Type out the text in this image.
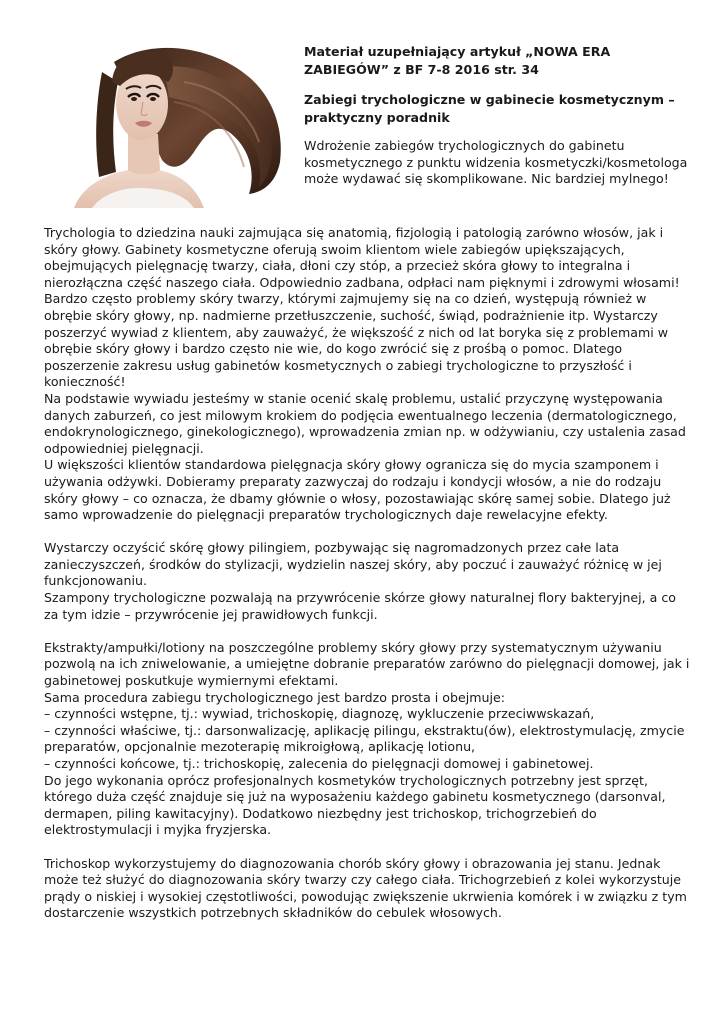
Materiał uzupełniający artykuł „NOWA ERA ZABIEGÓW” z BF 7-8 2016 str. 34

Zabiegi trychologiczne w gabinecie kosmetycznym – praktyczny poradnik

Wdrożenie zabiegów trychologicznych do gabinetu kosmetycznego z punktu widzenia kosmetyczki/kosmetologa może wydawać się skomplikowane. Nic bardziej mylnego!

Trychologia to dziedzina nauki zajmująca się anatomią, fizjologią i patologią zarówno włosów, jak i skóry głowy. Gabinety kosmetyczne oferują swoim klientom wiele zabiegów upiększających, obejmujących pielęgnację twarzy, ciała, dłoni czy stóp, a przecież skóra głowy to integralna i nierozłączna część naszego ciała. Odpowiednio zadbana, odpłaci nam pięknymi i zdrowymi włosami!

Bardzo często problemy skóry twarzy, którymi zajmujemy się na co dzień, występują również w obrębie skóry głowy, np. nadmierne przetłuszczenie, suchość, świąd, podrażnienie itp. Wystarczy poszerzyć wywiad z klientem, aby zauważyć, że większość z nich od lat boryka się z problemami w obrębie skóry głowy i bardzo często nie wie, do kogo zwrócić się z prośbą o pomoc. Dlatego poszerzenie zakresu usług gabinetów kosmetycznych o zabiegi trychologiczne to przyszłość i konieczność!

Na podstawie wywiadu jesteśmy w stanie ocenić skalę problemu, ustalić przyczynę występowania danych zaburzeń, co jest milowym krokiem do podjęcia ewentualnego leczenia (dermatologicznego, endokrynologicznego, ginekologicznego), wprowadzenia zmian np. w odżywianiu, czy ustalenia zasad odpowiedniej pielęgnacji.

U większości klientów standardowa pielęgnacja skóry głowy ogranicza się do mycia szamponem i używania odżywki. Dobieramy preparaty zazwyczaj do rodzaju i kondycji włosów, a nie do rodzaju skóry głowy – co oznacza, że dbamy głównie o włosy, pozostawiając skórę samej sobie. Dlatego już samo wprowadzenie do pielęgnacji preparatów trychologicznych daje rewelacyjne efekty.

Wystarczy oczyścić skórę głowy pilingiem, pozbywając się nagromadzonych przez całe lata zanieczyszczeń, środków do stylizacji, wydzielin naszej skóry, aby poczuć i zauważyć różnicę w jej funkcjonowaniu.

Szampony trychologiczne pozwalają na przywrócenie skórze głowy naturalnej flory bakteryjnej, a co za tym idzie – przywrócenie jej prawidłowych funkcji.

Ekstrakty/ampułki/lotiony na poszczególne problemy skóry głowy przy systematycznym używaniu pozwolą na ich zniwelowanie, a umiejętne dobranie preparatów zarówno do pielęgnacji domowej, jak i gabinetowej poskutkuje wymiernymi efektami.

Sama procedura zabiegu trychologicznego jest bardzo prosta i obejmuje:

– czynności wstępne, tj.: wywiad, trichoskopię, diagnozę, wykluczenie przeciwwskazań,

– czynności właściwe, tj.: darsonwalizację, aplikację pilingu, ekstraktu(ów), elektrostymulację, zmycie preparatów, opcjonalnie mezoterapię mikroigłową, aplikację lotionu,

– czynności końcowe, tj.: trichoskopię, zalecenia do pielęgnacji domowej i gabinetowej.

Do jego wykonania oprócz profesjonalnych kosmetyków trychologicznych potrzebny jest sprzęt, którego duża część znajduje się już na wyposażeniu każdego gabinetu kosmetycznego (darsonval, dermapen, piling kawitacyjny). Dodatkowo niezbędny jest trichoskop, trichogrzebień do elektrostymulacji i myjka fryzjerska.

Trichoskop wykorzystujemy do diagnozowania chorób skóry głowy i obrazowania jej stanu. Jednak może też służyć do diagnozowania skóry twarzy czy całego ciała. Trichogrzebień z kolei wykorzystuje prądy o niskiej i wysokiej częstotliwości, powodując zwiększenie ukrwienia komórek i w związku z tym dostarczenie wszystkich potrzebnych składników do cebulek włosowych.
